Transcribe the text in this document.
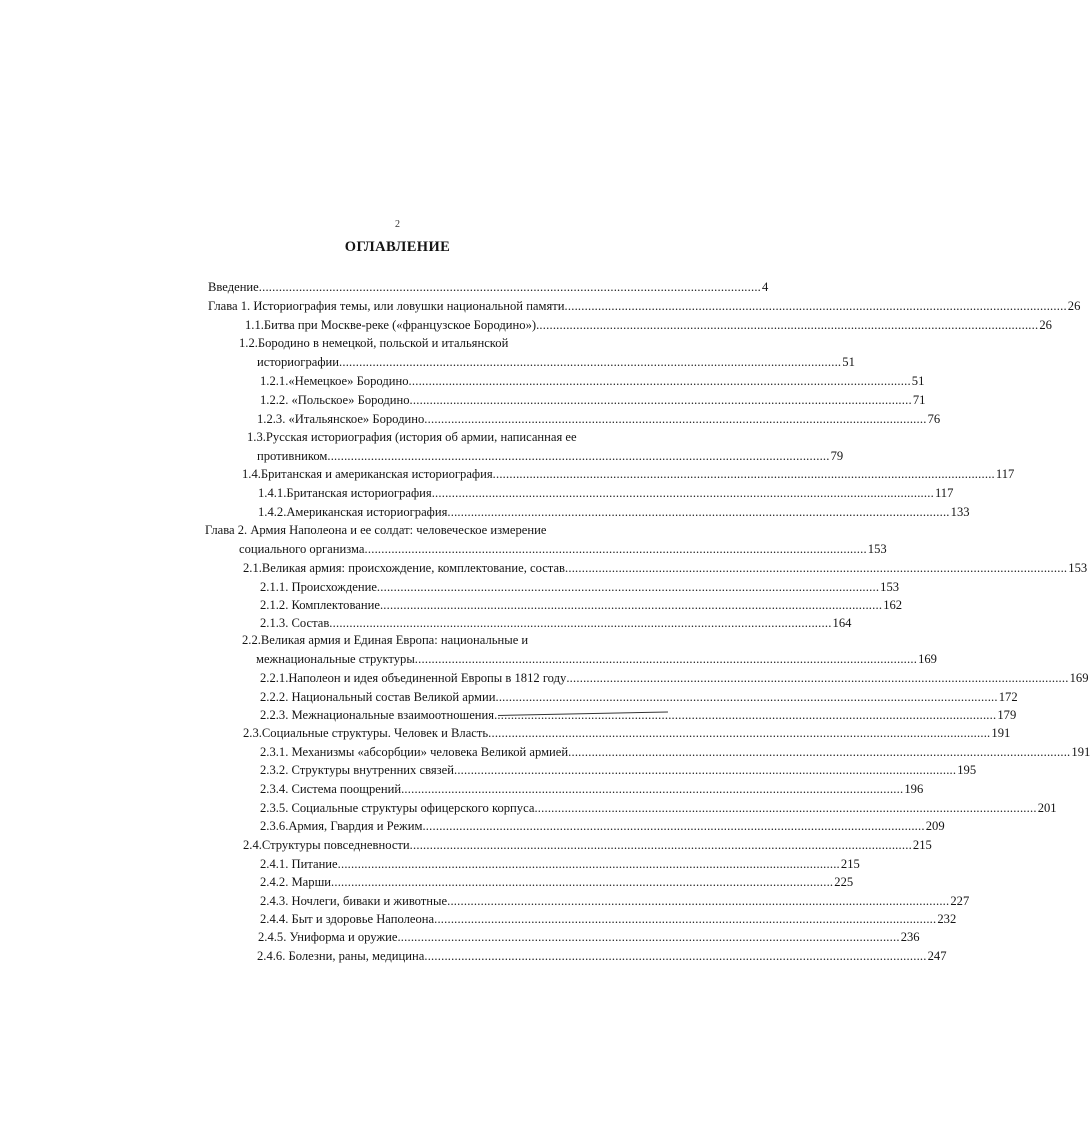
2
ОГЛАВЛЕНИЕ
Введение ...................................................................................................................................................... 4
Глава 1. Историография темы, или ловушки национальной памяти ...................................................................................................................................................... 26
1.1.Битва при Москве-реке («французское Бородино») ...................................................................................................................................................... 26
1.2.Бородино в немецкой, польской и итальянской
историографии ...................................................................................................................................................... 51
1.2.1.«Немецкое» Бородино ...................................................................................................................................................... 51
1.2.2. «Польское» Бородино ...................................................................................................................................................... 71
1.2.3. «Итальянское» Бородино ...................................................................................................................................................... 76
1.3.Русская историография (история об армии, написанная ее
противником ...................................................................................................................................................... 79
1.4.Британская и американская историография ...................................................................................................................................................... 117
1.4.1.Британская историография ...................................................................................................................................................... 117
1.4.2.Американская историография ...................................................................................................................................................... 133
Глава 2. Армия Наполеона и ее солдат: человеческое измерение
социального организма ...................................................................................................................................................... 153
2.1.Великая армия: происхождение, комплектование, состав ...................................................................................................................................................... 153
2.1.1. Происхождение ...................................................................................................................................................... 153
2.1.2. Комплектование ...................................................................................................................................................... 162
2.1.3. Состав ...................................................................................................................................................... 164
2.2.Великая армия и Единая Европа: национальные и
межнациональные структуры ...................................................................................................................................................... 169
2.2.1.Наполеон и идея объединенной Европы в 1812 году ...................................................................................................................................................... 169
2.2.2. Национальный состав Великой армии ...................................................................................................................................................... 172
2.2.3. Межнациональные взаимоотношения ...................................................................................................................................................... 179
2.3.Социальные структуры. Человек и Власть ...................................................................................................................................................... 191
2.3.1. Механизмы «абсорбции» человека Великой армией ...................................................................................................................................................... 191
2.3.2. Структуры внутренних связей ...................................................................................................................................................... 195
2.3.4. Система поощрений ...................................................................................................................................................... 196
2.3.5. Социальные структуры офицерского корпуса ...................................................................................................................................................... 201
2.3.6.Армия, Гвардия и Режим ...................................................................................................................................................... 209
2.4.Структуры повседневности ...................................................................................................................................................... 215
2.4.1. Питание ...................................................................................................................................................... 215
2.4.2. Марши ...................................................................................................................................................... 225
2.4.3. Ночлеги, биваки и животные ...................................................................................................................................................... 227
2.4.4. Быт и здоровье Наполеона ...................................................................................................................................................... 232
2.4.5. Униформа и оружие ...................................................................................................................................................... 236
2.4.6. Болезни, раны, медицина ...................................................................................................................................................... 247
